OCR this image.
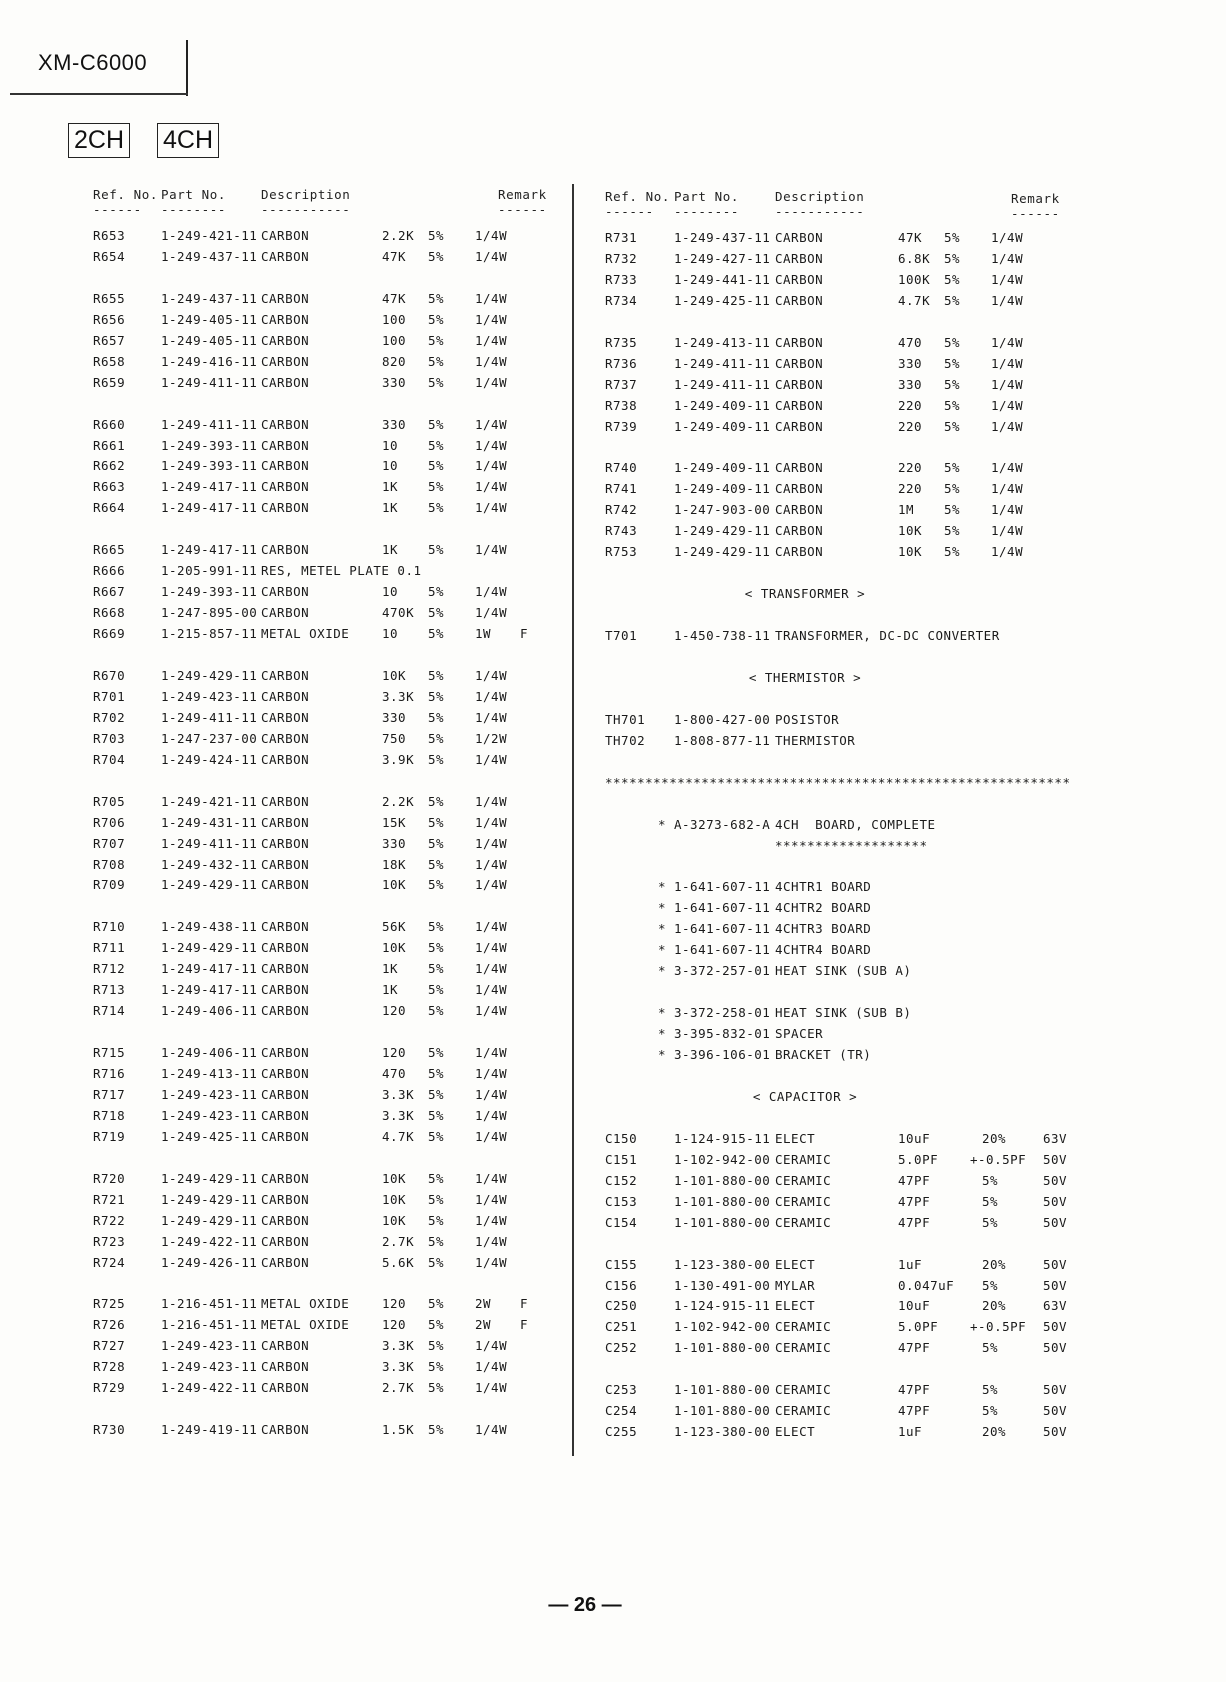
XM-C6000
2CH 4CH
Ref. No. Part No.	Description	Remark
------ --------	-----------	------
Ref. No. Part No.	Description	Remark
------ --------	-----------	------
R653	1-249-421-11 CARBON	2.2K 5% 1/4W
R654	1-249-437-11 CARBON	47K 5% 1/4W
R655	1-249-437-11 CARBON	47K 5% 1/4W
R656	1-249-405-11 CARBON	100 5% 1/4W
R657	1-249-405-11 CARBON	100 5% 1/4W
R658	1-249-416-11 CARBON	820 5% 1/4W
R659	1-249-411-11 CARBON	330 5% 1/4W
R660	1-249-411-11 CARBON	330 5% 1/4W
R661	1-249-393-11 CARBON	10 5% 1/4W
R662	1-249-393-11 CARBON	10 5% 1/4W
R663	1-249-417-11 CARBON	1K 5% 1/4W
R664	1-249-417-11 CARBON	1K 5% 1/4W
R665	1-249-417-11 CARBON	1K 5% 1/4W
R666	1-205-991-11 RES, METEL PLATE 0.1
R667	1-249-393-11 CARBON	10 5% 1/4W
R668	1-247-895-00 CARBON	470K 5% 1/4W
R669	1-215-857-11 METAL OXIDE	10 5% 1W F
R670	1-249-429-11 CARBON	10K 5% 1/4W
R701	1-249-423-11 CARBON	3.3K 5% 1/4W
R702	1-249-411-11 CARBON	330 5% 1/4W
R703	1-247-237-00 CARBON	750 5% 1/2W
R704	1-249-424-11 CARBON	3.9K 5% 1/4W
R705	1-249-421-11 CARBON	2.2K 5% 1/4W
R706	1-249-431-11 CARBON	15K 5% 1/4W
R707	1-249-411-11 CARBON	330 5% 1/4W
R708	1-249-432-11 CARBON	18K 5% 1/4W
R709	1-249-429-11 CARBON	10K 5% 1/4W
R710	1-249-438-11 CARBON	56K 5% 1/4W
R711	1-249-429-11 CARBON	10K 5% 1/4W
R712	1-249-417-11 CARBON	1K 5% 1/4W
R713	1-249-417-11 CARBON	1K 5% 1/4W
R714	1-249-406-11 CARBON	120 5% 1/4W
R715	1-249-406-11 CARBON	120 5% 1/4W
R716	1-249-413-11 CARBON	470 5% 1/4W
R717	1-249-423-11 CARBON	3.3K 5% 1/4W
R718	1-249-423-11 CARBON	3.3K 5% 1/4W
R719	1-249-425-11 CARBON	4.7K 5% 1/4W
R720	1-249-429-11 CARBON	10K 5% 1/4W
R721	1-249-429-11 CARBON	10K 5% 1/4W
R722	1-249-429-11 CARBON	10K 5% 1/4W
R723	1-249-422-11 CARBON	2.7K 5% 1/4W
R724	1-249-426-11 CARBON	5.6K 5% 1/4W
R725	1-216-451-11 METAL OXIDE	120 5% 2W F
R726	1-216-451-11 METAL OXIDE	120 5% 2W F
R727	1-249-423-11 CARBON	3.3K 5% 1/4W
R728	1-249-423-11 CARBON	3.3K 5% 1/4W
R729	1-249-422-11 CARBON	2.7K 5% 1/4W
R730	1-249-419-11 CARBON	1.5K 5% 1/4W
R731	1-249-437-11 CARBON	47K 5% 1/4W
R732	1-249-427-11 CARBON	6.8K 5% 1/4W
R733	1-249-441-11 CARBON	100K 5% 1/4W
R734	1-249-425-11 CARBON	4.7K 5% 1/4W
R735	1-249-413-11 CARBON	470 5% 1/4W
R736	1-249-411-11 CARBON	330 5% 1/4W
R737	1-249-411-11 CARBON	330 5% 1/4W
R738	1-249-409-11 CARBON	220 5% 1/4W
R739	1-249-409-11 CARBON	220 5% 1/4W
R740	1-249-409-11 CARBON	220 5% 1/4W
R741	1-249-409-11 CARBON	220 5% 1/4W
R742	1-247-903-00 CARBON	1M 5% 1/4W
R743	1-249-429-11 CARBON	10K 5% 1/4W
R753	1-249-429-11 CARBON	10K 5% 1/4W
< TRANSFORMER >
T701	1-450-738-11 TRANSFORMER, DC-DC CONVERTER
< THERMISTOR >
TH701 1-800-427-00 POSISTOR
TH702 1-808-877-11 THERMISTOR
**********************************************************
* A-3273-682-A 4CH  BOARD, COMPLETE
*******************
* 1-641-607-11 4CHTR1 BOARD
* 1-641-607-11 4CHTR2 BOARD
* 1-641-607-11 4CHTR3 BOARD
* 1-641-607-11 4CHTR4 BOARD
* 3-372-257-01 HEAT SINK (SUB A)
* 3-372-258-01 HEAT SINK (SUB B)
* 3-395-832-01 SPACER
* 3-396-106-01 BRACKET (TR)
< CAPACITOR >
C150	1-124-915-11 ELECT	10uF	20%	63V
C151	1-102-942-00 CERAMIC	5.0PF	+-0.5PF 50V
C152	1-101-880-00 CERAMIC	47PF	5%	50V
C153	1-101-880-00 CERAMIC	47PF	5%	50V
C154	1-101-880-00 CERAMIC	47PF	5%	50V
C155	1-123-380-00 ELECT	1uF	20%	50V
C156	1-130-491-00 MYLAR	0.047uF 5%	50V
C250	1-124-915-11 ELECT	10uF	20%	63V
C251	1-102-942-00 CERAMIC	5.0PF	+-0.5PF 50V
C252	1-101-880-00 CERAMIC	47PF	5%	50V
C253	1-101-880-00 CERAMIC	47PF	5%	50V
C254	1-101-880-00 CERAMIC	47PF	5%	50V
C255	1-123-380-00 ELECT	1uF	20%	50V
— 26 —
